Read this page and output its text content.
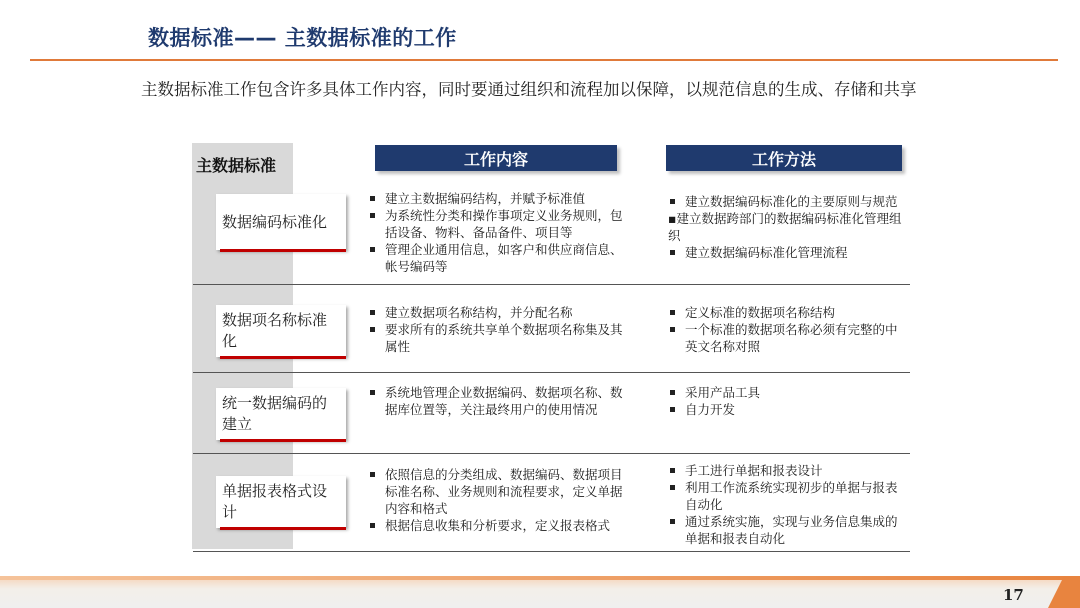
数据标准—— 主数据标准的工作

主数据标准工作包含许多具体工作内容，同时要通过组织和流程加以保障，以规范信息的生成、存储和共享

主数据标准	工作内容	工作方法
数据编码标准化
建立主数据编码结构，并赋予标准值
为系统性分类和操作事项定义业务规则，包括设备、物料、备品备件、项目等
管理企业通用信息，如客户和供应商信息、帐号编码等
建立数据编码标准化的主要原则与规范
▪建立数据跨部门的数据编码标准化管理组织
建立数据编码标准化管理流程
数据项名称标准化
建立数据项名称结构，并分配名称
要求所有的系统共享单个数据项名称集及其属性
定义标准的数据项名称结构
一个标准的数据项名称必须有完整的中英文名称对照
统一数据编码的建立
系统地管理企业数据编码、数据项名称、数据库位置等，关注最终用户的使用情况
采用产品工具
自力开发
单据报表格式设计
依照信息的分类组成、数据编码、数据项目标准名称、业务规则和流程要求，定义单据内容和格式
根据信息收集和分析要求，定义报表格式
手工进行单据和报表设计
利用工作流系统实现初步的单据与报表自动化
通过系统实施，实现与业务信息集成的单据和报表自动化
17
